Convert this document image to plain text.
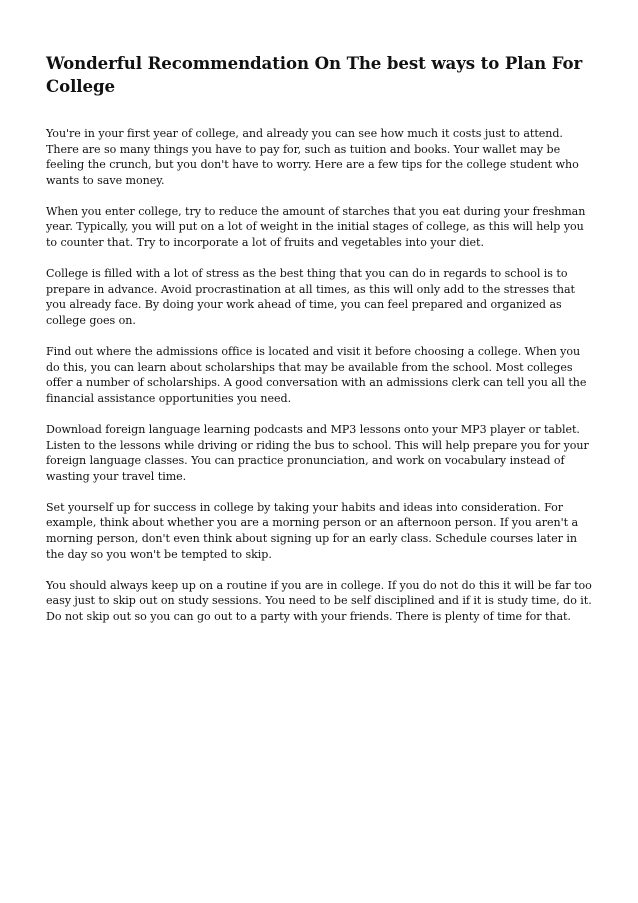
Wonderful Recommendation On The best ways to Plan For College

You're in your first year of college, and already you can see how much it costs just to attend. There are so many things you have to pay for, such as tuition and books. Your wallet may be feeling the crunch, but you don't have to worry. Here are a few tips for the college student who wants to save money.

When you enter college, try to reduce the amount of starches that you eat during your freshman year. Typically, you will put on a lot of weight in the initial stages of college, as this will help you to counter that. Try to incorporate a lot of fruits and vegetables into your diet.

College is filled with a lot of stress as the best thing that you can do in regards to school is to prepare in advance. Avoid procrastination at all times, as this will only add to the stresses that you already face. By doing your work ahead of time, you can feel prepared and organized as college goes on.

Find out where the admissions office is located and visit it before choosing a college. When you do this, you can learn about scholarships that may be available from the school. Most colleges offer a number of scholarships. A good conversation with an admissions clerk can tell you all the financial assistance opportunities you need.

Download foreign language learning podcasts and MP3 lessons onto your MP3 player or tablet. Listen to the lessons while driving or riding the bus to school. This will help prepare you for your foreign language classes. You can practice pronunciation, and work on vocabulary instead of wasting your travel time.

Set yourself up for success in college by taking your habits and ideas into consideration. For example, think about whether you are a morning person or an afternoon person. If you aren't a morning person, don't even think about signing up for an early class. Schedule courses later in the day so you won't be tempted to skip.

You should always keep up on a routine if you are in college. If you do not do this it will be far too easy just to skip out on study sessions. You need to be self disciplined and if it is study time, do it. Do not skip out so you can go out to a party with your friends. There is plenty of time for that.
